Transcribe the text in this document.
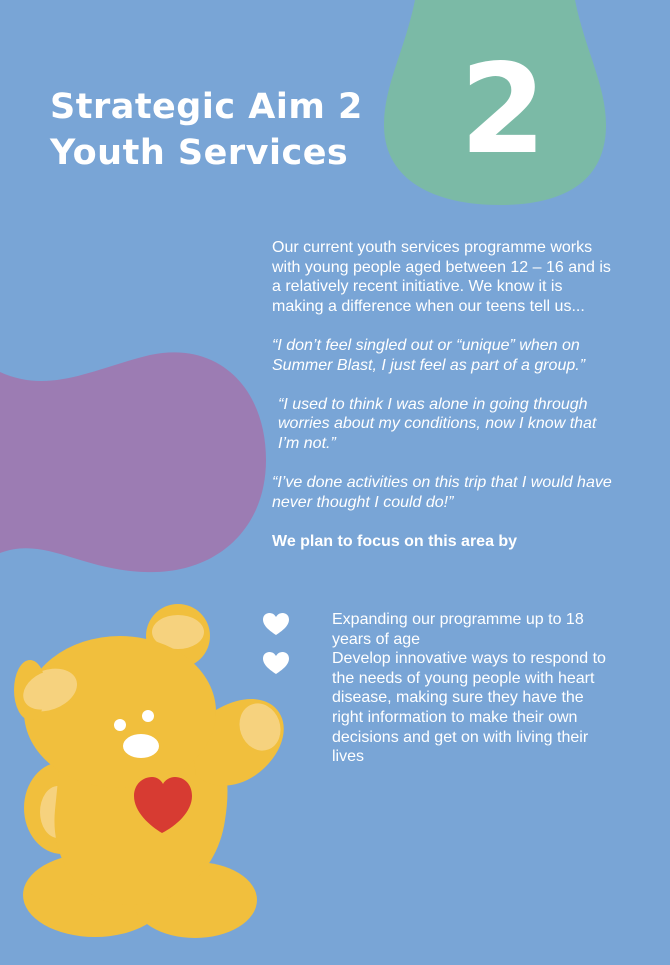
Strategic Aim 2
Youth Services 2

Our current youth services programme works with young people aged between 12 – 16 and is a relatively recent initiative. We know it is making a difference when our teens tell us...

“I don’t feel singled out or “unique” when on Summer Blast, I just feel as part of a group.”

“I used to think I was alone in going through worries about my conditions, now I know that I’m not.”

“I’ve done activities on this trip that I would have never thought I could do!”

We plan to focus on this area by

Expanding our programme up to 18 years of age
Develop innovative ways to respond to the needs of young people with heart disease, making sure they have the right information to make their own decisions and get on with living their lives
